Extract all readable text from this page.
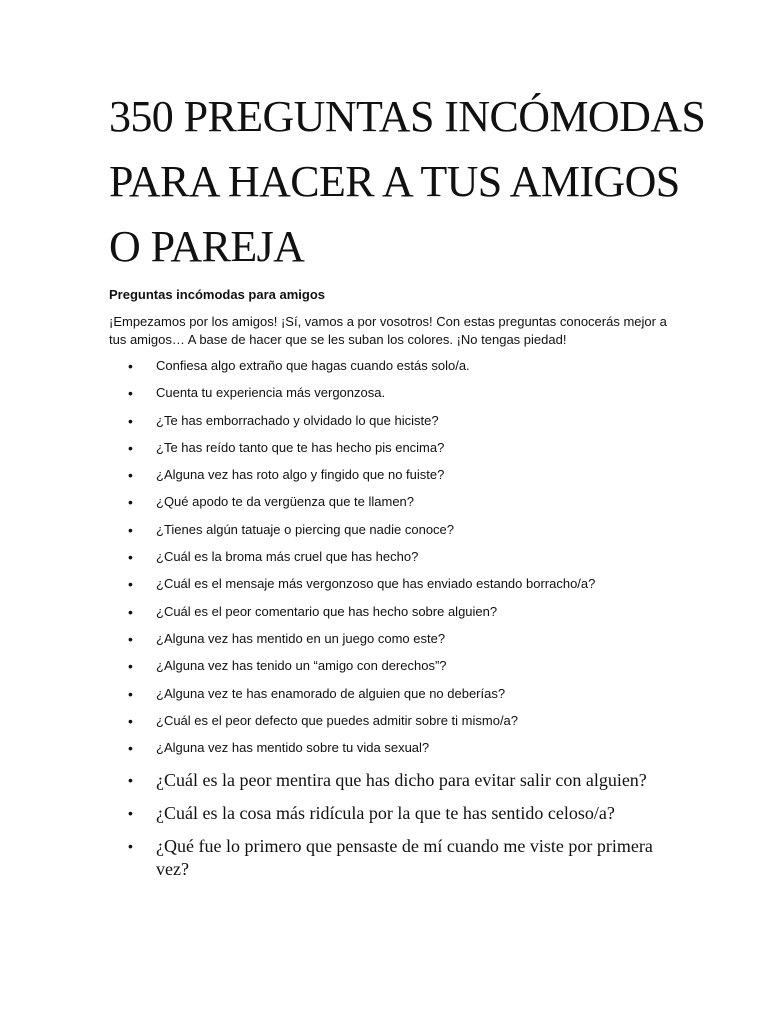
350 PREGUNTAS INCÓMODAS PARA HACER A TUS AMIGOS O PAREJA

Preguntas incómodas para amigos

¡Empezamos por los amigos! ¡Sí, vamos a por vosotros! Con estas preguntas conocerás mejor a tus amigos… A base de hacer que se les suban los colores. ¡No tengas piedad!

•	Confiesa algo extraño que hagas cuando estás solo/a.
•	Cuenta tu experiencia más vergonzosa.
•	¿Te has emborrachado y olvidado lo que hiciste?
•	¿Te has reído tanto que te has hecho pis encima?
•	¿Alguna vez has roto algo y fingido que no fuiste?
•	¿Qué apodo te da vergüenza que te llamen?
•	¿Tienes algún tatuaje o piercing que nadie conoce?
•	¿Cuál es la broma más cruel que has hecho?
•	¿Cuál es el mensaje más vergonzoso que has enviado estando borracho/a?
•	¿Cuál es el peor comentario que has hecho sobre alguien?
•	¿Alguna vez has mentido en un juego como este?
•	¿Alguna vez has tenido un “amigo con derechos”?
•	¿Alguna vez te has enamorado de alguien que no deberías?
•	¿Cuál es el peor defecto que puedes admitir sobre ti mismo/a?
•	¿Alguna vez has mentido sobre tu vida sexual?
•	¿Cuál es la peor mentira que has dicho para evitar salir con alguien?
•	¿Cuál es la cosa más ridícula por la que te has sentido celoso/a?
•	¿Qué fue lo primero que pensaste de mí cuando me viste por primera vez?
